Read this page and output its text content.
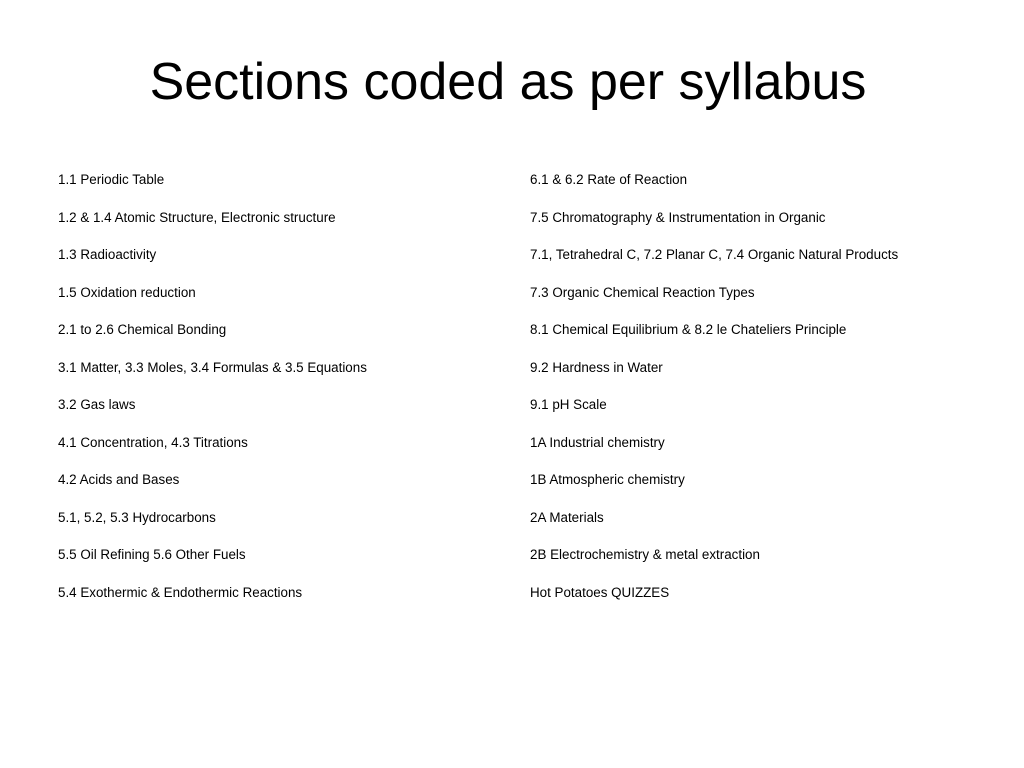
Sections coded as per syllabus
1.1 Periodic Table
1.2 & 1.4 Atomic Structure, Electronic structure
1.3 Radioactivity
1.5 Oxidation reduction
2.1 to 2.6 Chemical Bonding
3.1 Matter, 3.3 Moles, 3.4 Formulas & 3.5 Equations
3.2 Gas laws
4.1 Concentration, 4.3 Titrations
4.2 Acids and Bases
5.1, 5.2, 5.3 Hydrocarbons
5.5 Oil Refining 5.6 Other Fuels
5.4 Exothermic & Endothermic Reactions
6.1 & 6.2 Rate of Reaction
7.5 Chromatography & Instrumentation in Organic
7.1, Tetrahedral C, 7.2 Planar C, 7.4 Organic Natural Products
7.3 Organic Chemical Reaction Types
8.1 Chemical Equilibrium & 8.2 le Chateliers Principle
9.2 Hardness in Water
9.1 pH Scale
1A Industrial chemistry
1B Atmospheric chemistry
2A Materials
2B Electrochemistry & metal extraction
Hot Potatoes QUIZZES
